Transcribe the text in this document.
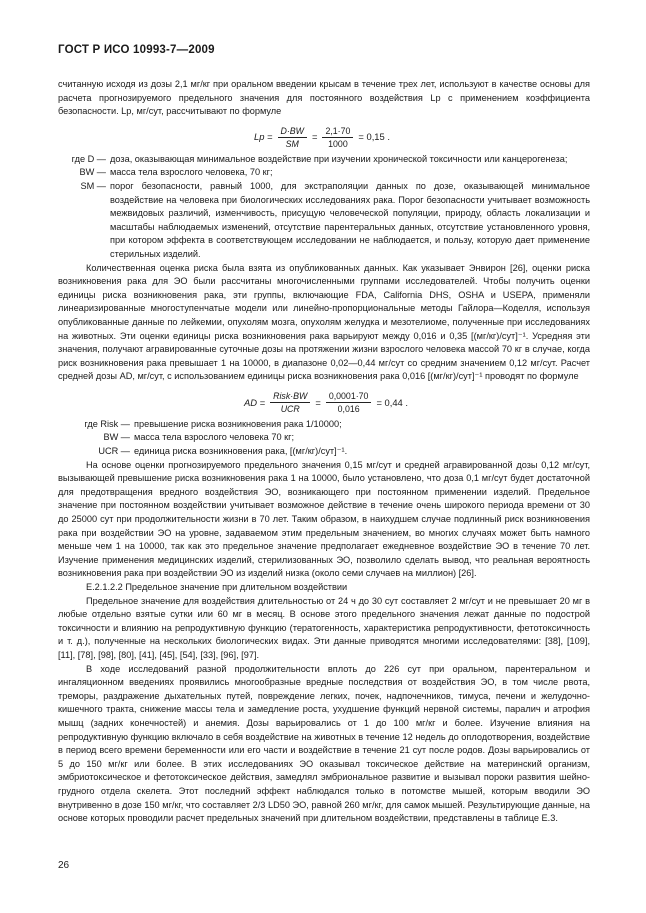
ГОСТ Р ИСО 10993-7—2009

считанную исходя из дозы 2,1 мг/кг при оральном введении крысам в течение трех лет, используют в качестве основы для расчета прогнозируемого предельного значения для постоянного воздействия Lp с применением коэффициента безопасности. Lp, мг/сут, рассчитывают по формуле

$Lp = \frac{D\cdot BW}{SM} = \frac{2,1\cdot 70}{1000} = 0,15$ .
где D — доза, оказывающая минимальное воздействие при изучении хронической токсичности или канцерогенеза;
BW — масса тела взрослого человека, 70 кг;
SM — порог безопасности, равный 1000, для экстраполяции данных по дозе, оказывающей минимальное воздействие на человека при биологических исследованиях рака. Порог безопасности учитывает возможность межвидовых различий, изменчивость, присущую человеческой популяции, природу, область локализации и масштабы наблюдаемых изменений, отсутствие парентеральных данных, отсутствие установленного уровня, при котором эффекта в соответствующем исследовании не наблюдается, и пользу, которую дает применение стерильных изделий.

Количественная оценка риска была взята из опубликованных данных. Как указывает Энвирон [26], оценки риска возникновения рака для ЭО были рассчитаны многочисленными группами исследователей. Чтобы получить оценки единицы риска возникновения рака, эти группы, включающие FDA, California DHS, OSHA и USEPA, применяли линеаризированные многоступенчатые модели или линейно-пропорциональные методы Гайлора—Коделля, используя опубликованные данные по лейкемии, опухолям мозга, опухолям желудка и мезотелиоме, полученные при исследованиях на животных. Эти оценки единицы риска возникновения рака варьируют между 0,016 и 0,35 [(мг/кг)/сут]⁻¹. Усредняя эти значения, получают агравированные суточные дозы на протяжении жизни взрослого человека массой 70 кг в случае, когда риск возникновения рака превышает 1 на 10000, в диапазоне 0,02—0,44 мг/сут со средним значением 0,12 мг/сут. Расчет средней дозы AD, мг/сут, с использованием единицы риска возникновения рака 0,016 [(мг/кг)/сут]⁻¹ проводят по формуле

AD = $\frac{\text{Risk·BW}}{\text{UCR}} = \frac{0,0001\cdot 70}{0,016} = 0,44$ .
где Risk — превышение риска возникновения рака 1/10000;
BW — масса тела взрослого человека 70 кг;
UCR — единица риска возникновения рака, [(мг/кг)/сут]⁻¹.

На основе оценки прогнозируемого предельного значения 0,15 мг/сут и средней агравированной дозы 0,12 мг/сут, вызывающей превышение риска возникновения рака 1 на 10000, было установлено, что доза 0,1 мг/сут будет достаточной для предотвращения вредного воздействия ЭО, возникающего при постоянном применении изделий. Предельное значение при постоянном воздействии учитывает возможное действие в течение очень широкого периода времени от 30 до 25000 сут при продолжительности жизни в 70 лет. Таким образом, в наихудшем случае подлинный риск возникновения рака при воздействии ЭО на уровне, задаваемом этим предельным значением, во многих случаях может быть намного меньше чем 1 на 10000, так как это предельное значение предполагает ежедневное воздействие ЭО в течение 70 лет. Изучение применения медицинских изделий, стерилизованных ЭО, позволило сделать вывод, что реальная вероятность возникновения рака при воздействии ЭО из изделий низка (около семи случаев на миллион) [26].

Е.2.1.2.2 Предельное значение при длительном воздействии

Предельное значение для воздействия длительностью от 24 ч до 30 сут составляет 2 мг/сут и не превышает 20 мг в любые отдельно взятые сутки или 60 мг в месяц. В основе этого предельного значения лежат данные по подострой токсичности и влиянию на репродуктивную функцию (тератогенность, характеристика репродуктивности, фетотоксичность и т. д.), полученные на нескольких биологических видах. Эти данные приводятся многими исследователями: [38], [109], [11], [78], [98], [80], [41], [45], [54], [33], [96], [97].

В ходе исследований разной продолжительности вплоть до 226 сут при оральном, парентеральном и ингаляционном введениях проявились многообразные вредные последствия от воздействия ЭО, в том числе рвота, треморы, раздражение дыхательных путей, повреждение легких, почек, надпочечников, тимуса, печени и желудочно-кишечного тракта, снижение массы тела и замедление роста, ухудшение функций нервной системы, паралич и атрофия мышц (задних конечностей) и анемия. Дозы варьировались от 1 до 100 мг/кг и более. Изучение влияния на репродуктивную функцию включало в себя воздействие на животных в течение 12 недель до оплодотворения, воздействие в период всего времени беременности или его части и воздействие в течение 21 сут после родов. Дозы варьировались от 5 до 150 мг/кг или более. В этих исследованиях ЭО оказывал токсическое действие на материнский организм, эмбриотоксическое и фетотоксическое действия, замедлял эмбриональное развитие и вызывал пороки развития шейно-грудного отдела скелета. Этот последний эффект наблюдался только в потомстве мышей, которым вводили ЭО внутривенно в дозе 150 мг/кг, что составляет 2/3 LD50 ЭО, равной 260 мг/кг, для самок мышей. Результирующие данные, на основе которых проводили расчет предельных значений при длительном воздействии, представлены в таблице Е.3.

26
